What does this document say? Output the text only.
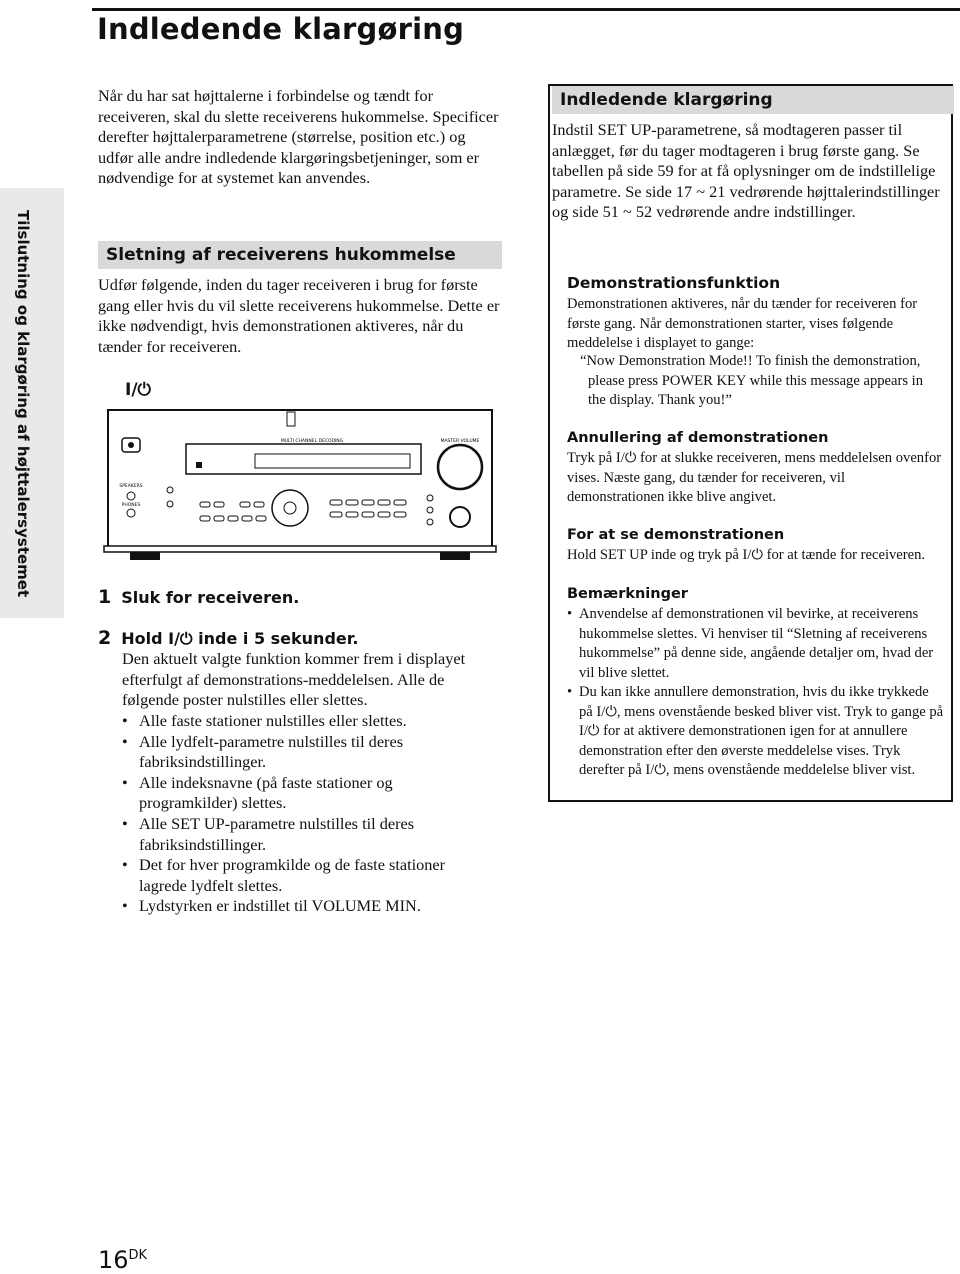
Indledende klargøring
Tilslutning og klargøring af højttalersystemet

Når du har sat højttalerne i forbindelse og tændt for receiveren, skal du slette receiverens hukommelse. Specificer derefter højttalerparametrene (størrelse, position etc.) og udfør alle andre indledende klargøringsbetjeninger, som er nødvendige for at systemet kan anvendes.

Sletning af receiverens hukommelse

Udfør følgende, inden du tager receiveren i brug for første gang eller hvis du vil slette receiverens hukommelse. Dette er ikke nødvendigt, hvis demonstrationen aktiveres, når du tænder for receiveren.

I/⏻
SPEAKERS
PHONES
MULTI CHANNEL DECODING	MASTER VOLUME
1 Sluk for receiveren.
2 Hold I/⏻ inde i 5 sekunder.

Den aktuelt valgte funktion kommer frem i displayet efterfulgt af demonstrations-meddelelsen. Alle de følgende poster nulstilles eller slettes.

• Alle faste stationer nulstilles eller slettes.
• Alle lydfelt-parametre nulstilles til deres fabriksindstillinger.
• Alle indeksnavne (på faste stationer og programkilder) slettes.
• Alle SET UP-parametre nulstilles til deres fabriksindstillinger.
• Det for hver programkilde og de faste stationer lagrede lydfelt slettes.
• Lydstyrken er indstillet til VOLUME MIN.
Indledende klargøring

Indstil SET UP-parametrene, så modtageren passer til anlægget, før du tager modtageren i brug første gang. Se tabellen på side 59 for at få oplysninger om de indstillelige parametre. Se side 17 ~ 21 vedrørende højttalerindstillinger og side 51 ~ 52 vedrørende andre indstillinger.

Demonstrationsfunktion

Demonstrationen aktiveres, når du tænder for receiveren for første gang. Når demonstrationen starter, vises følgende meddelelse i displayet to gange:

“Now Demonstration Mode!! To finish the demonstration, please press POWER KEY while this message appears in the display. Thank you!”

Annullering af demonstrationen

Tryk på I/⏻ for at slukke receiveren, mens meddelelsen ovenfor vises. Næste gang, du tænder for receiveren, vil demonstrationen ikke blive angivet.

For at se demonstrationen

Hold SET UP inde og tryk på I/⏻ for at tænde for receiveren.

Bemærkninger
• Anvendelse af demonstrationen vil bevirke, at receiverens hukommelse slettes. Vi henviser til “Sletning af receiverens hukommelse” på denne side, angående detaljer om, hvad der vil blive slettet.
• Du kan ikke annullere demonstration, hvis du ikke trykkede på I/⏻, mens ovenstående besked bliver vist. Tryk to gange på I/⏻ for at aktivere demonstrationen igen for at annullere demonstration efter den øverste meddelelse vises. Tryk derefter på I/⏻, mens ovenstående meddelelse bliver vist.
$16^{DK}$
